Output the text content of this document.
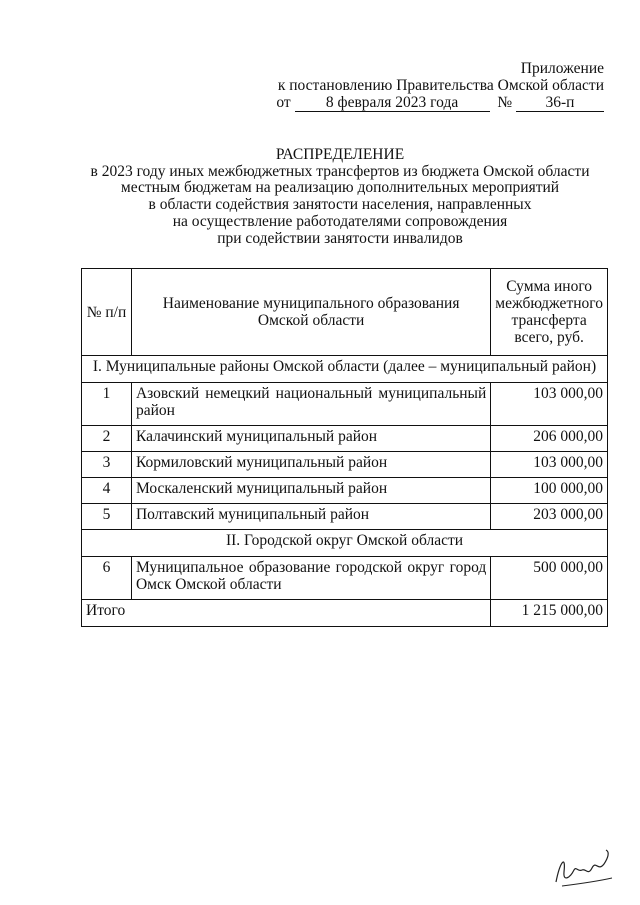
Приложение
к постановлению Правительства Омской области
от 8 февраля 2023 года	№ 36-п
РАСПРЕДЕЛЕНИЕ
в 2023 году иных межбюджетных трансфертов из бюджета Омской области
местным бюджетам на реализацию дополнительных мероприятий
в области содействия занятости населения, направленных
на осуществление работодателями сопровождения
при содействии занятости инвалидов
№ п/п	Наименование муниципального образования Омской области	Сумма иного межбюджетного трансферта всего, руб.
I. Муниципальные районы Омской области (далее – муниципальный район)		
1	Азовский немецкий национальный муниципальный район	103 000,00
2	Калачинский муниципальный район	206 000,00
3	Кормиловский муниципальный район	103 000,00
4	Москаленский муниципальный район	100 000,00
5	Полтавский муниципальный район	203 000,00
II. Городской округ Омской области		
6	Муниципальное образование городской округ город Омск Омской области	500 000,00
Итого		1 215 000,00
